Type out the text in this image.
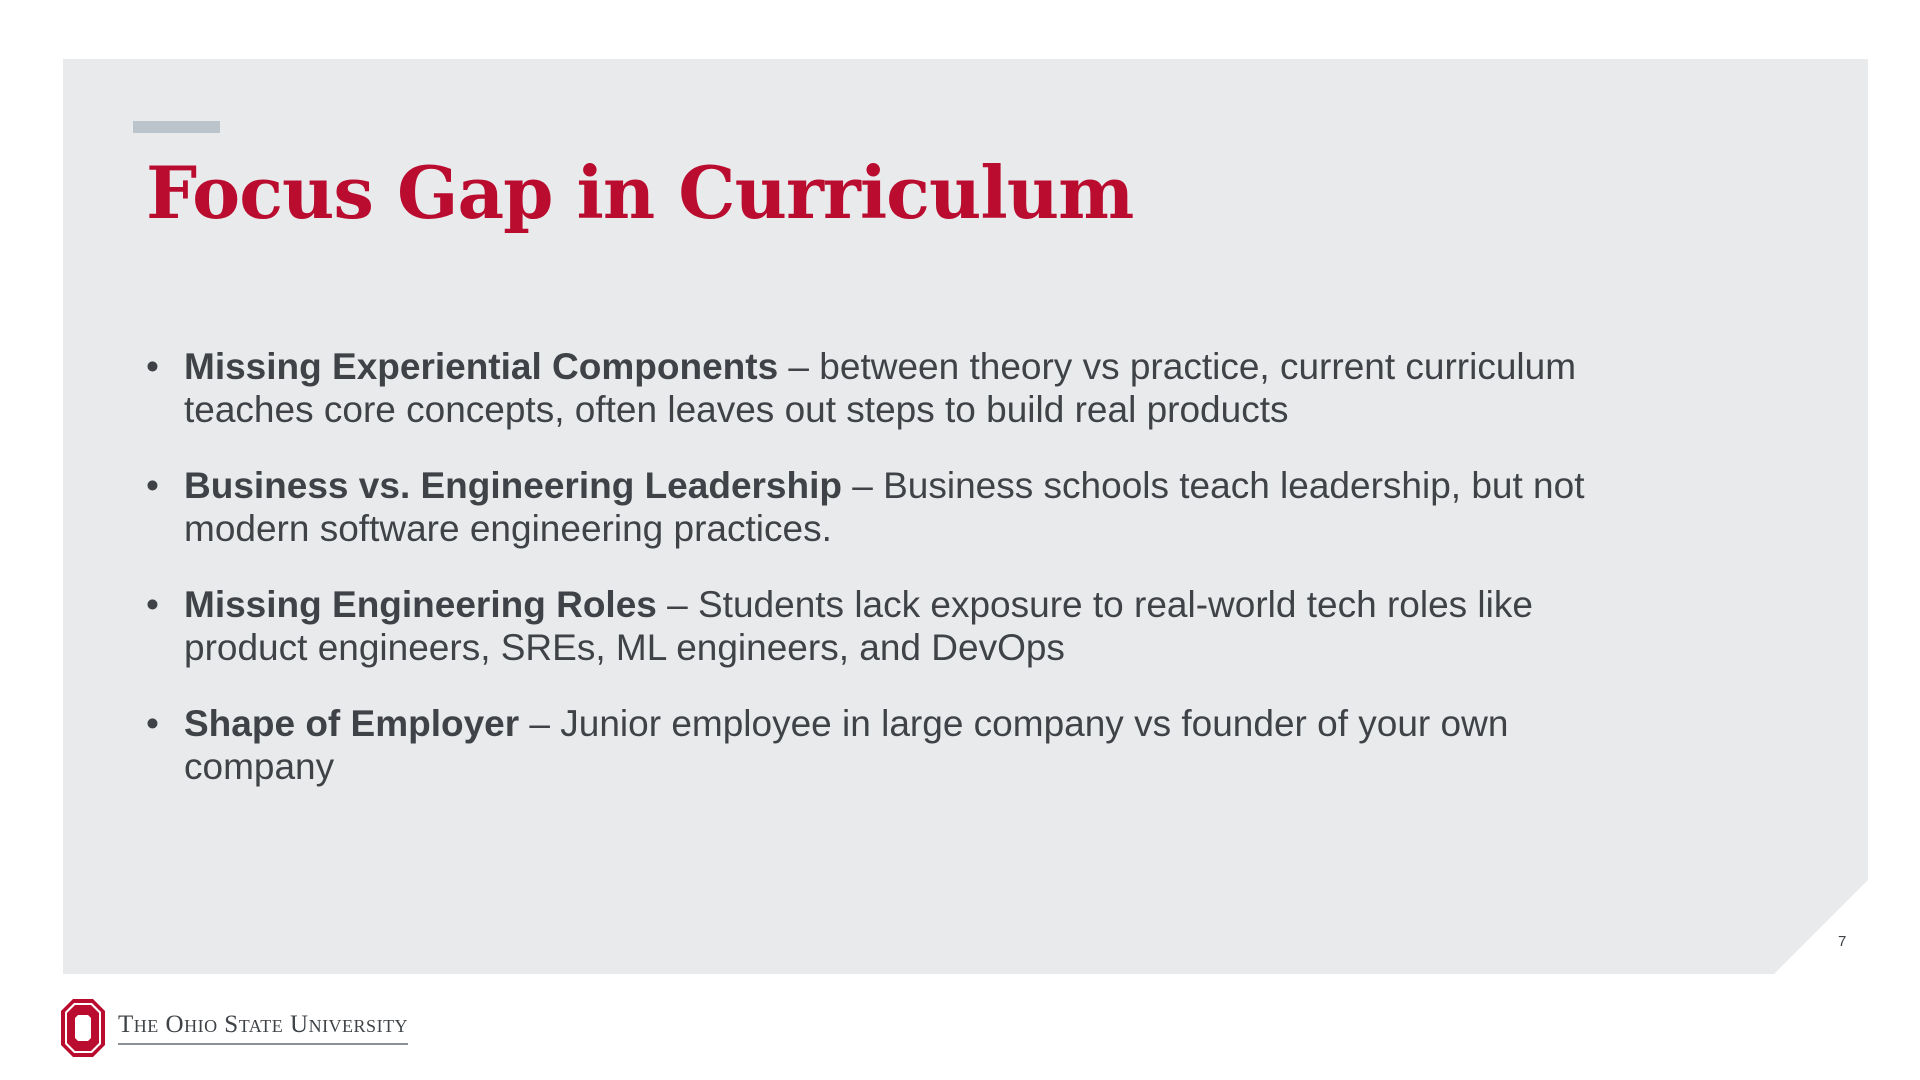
Focus Gap in Curriculum
• Missing Experiential Components – between theory vs practice, current curriculum teaches core concepts, often leaves out steps to build real products
• Business vs. Engineering Leadership – Business schools teach leadership, but not modern software engineering practices.
• Missing Engineering Roles – Students lack exposure to real-world tech roles like product engineers, SREs, ML engineers, and DevOps
• Shape of Employer – Junior employee in large company vs founder of your own company
7
The Ohio State University
